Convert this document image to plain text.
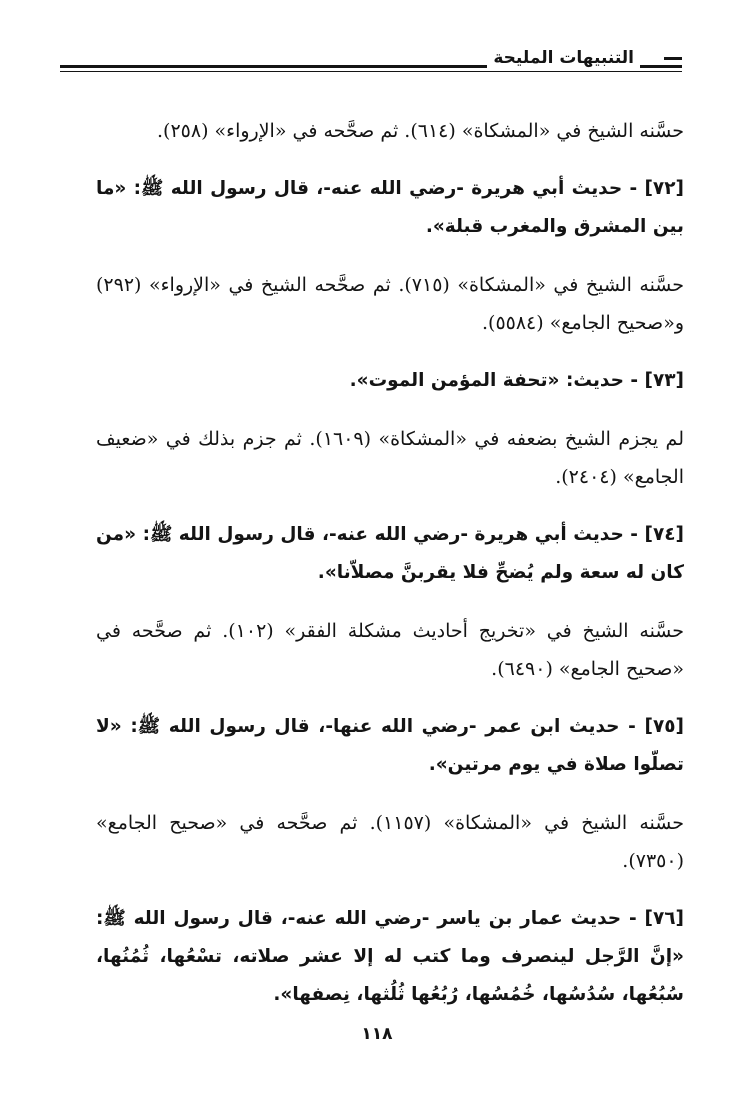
التنبيهات المليحة

حسَّنه الشيخ في «المشكاة» (٦١٤). ثم صحَّحه في «الإرواء» (٢٥٨).

[٧٢] - حديث أبي هريرة -رضي الله عنه-، قال رسول الله ﷺ: «ما بين المشرق والمغرب قبلة».

حسَّنه الشيخ في «المشكاة» (٧١٥). ثم صحَّحه الشيخ في «الإرواء» (٢٩٢) و«صحيح الجامع» (٥٥٨٤).

[٧٣] - حديث: «تحفة المؤمن الموت».

لم يجزم الشيخ بضعفه في «المشكاة» (١٦٠٩). ثم جزم بذلك في «ضعيف الجامع» (٢٤٠٤).

[٧٤] - حديث أبي هريرة -رضي الله عنه-، قال رسول الله ﷺ: «من كان له سعة ولم يُضحِّ فلا يقربنَّ مصلاّنا».

حسَّنه الشيخ في «تخريج أحاديث مشكلة الفقر» (١٠٢). ثم صحَّحه في «صحيح الجامع» (٦٤٩٠).

[٧٥] - حديث ابن عمر -رضي الله عنها-، قال رسول الله ﷺ: «لا تصلّوا صلاة في يوم مرتين».

حسَّنه الشيخ في «المشكاة» (١١٥٧). ثم صحَّحه في «صحيح الجامع» (٧٣٥٠).

[٧٦] - حديث عمار بن ياسر -رضي الله عنه-، قال رسول الله ﷺ: «إنَّ الرَّجل لينصرف وما كتب له إلا عشر صلاته، تسْعُها، ثُمُنُها، سُبُعُها، سُدُسُها، خُمُسُها، رُبُعُها ثُلُثها، نِصفها».

١١٨
